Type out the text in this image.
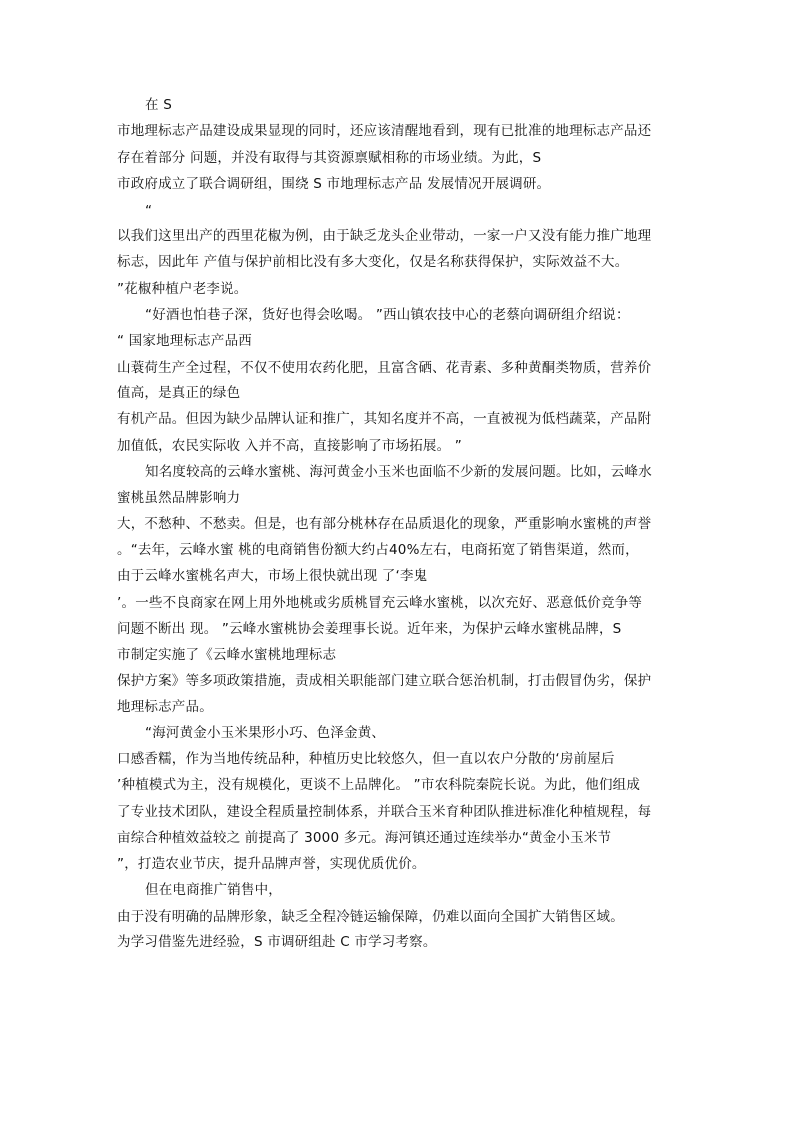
在 S

市地理标志产品建设成果显现的同时，还应该清醒地看到，现有已批准的地理标志产品还

存在着部分 问题，并没有取得与其资源禀赋相称的市场业绩。为此，S

市政府成立了联合调研组，围绕 S 市地理标志产品 发展情况开展调研。

“

以我们这里出产的西里花椒为例，由于缺乏龙头企业带动，一家一户又没有能力推广地理

标志，因此年 产值与保护前相比没有多大变化，仅是名称获得保护，实际效益不大。

”花椒种植户老李说。

“好酒也怕巷子深，货好也得会吆喝。 ”西山镇农技中心的老蔡向调研组介绍说：

“ 国家地理标志产品西

山蓑荷生产全过程，不仅不使用农药化肥，且富含硒、花青素、多种黄酮类物质，营养价

值高，是真正的绿色

有机产品。但因为缺少品牌认证和推广，其知名度并不高，一直被视为低档蔬菜，产品附

加值低，农民实际收 入并不高，直接影响了市场拓展。 ”

知名度较高的云峰水蜜桃、海河黄金小玉米也面临不少新的发展问题。比如，云峰水

蜜桃虽然品牌影响力

大，不愁种、不愁卖。但是，也有部分桃林存在品质退化的现象，严重影响水蜜桃的声誉

。“去年，云峰水蜜 桃的电商销售份额大约占40%左右，电商拓宽了销售渠道，然而，

由于云峰水蜜桃名声大，市场上很快就出现 了‘李鬼

’。一些不良商家在网上用外地桃或劣质桃冒充云峰水蜜桃，以次充好、恶意低价竞争等

问题不断出 现。 ”云峰水蜜桃协会姜理事长说。近年来，为保护云峰水蜜桃品牌，S

市制定实施了《云峰水蜜桃地理标志

保护方案》等多项政策措施，责成相关职能部门建立联合惩治机制，打击假冒伪劣，保护

地理标志产品。

“海河黄金小玉米果形小巧、色泽金黄、

口感香糯，作为当地传统品种，种植历史比较悠久，但一直以农户分散的‘房前屋后

’种植模式为主，没有规模化，更谈不上品牌化。 ”市农科院秦院长说。为此，他们组成

了专业技术团队，建设全程质量控制体系，并联合玉米育种团队推进标准化种植规程，每

亩综合种植效益较之 前提高了 3000 多元。海河镇还通过连续举办“黄金小玉米节

”，打造农业节庆，提升品牌声誉，实现优质优价。

但在电商推广销售中，

由于没有明确的品牌形象，缺乏全程冷链运输保障，仍难以面向全国扩大销售区域。

为学习借鉴先进经验，S 市调研组赴 C 市学习考察。
